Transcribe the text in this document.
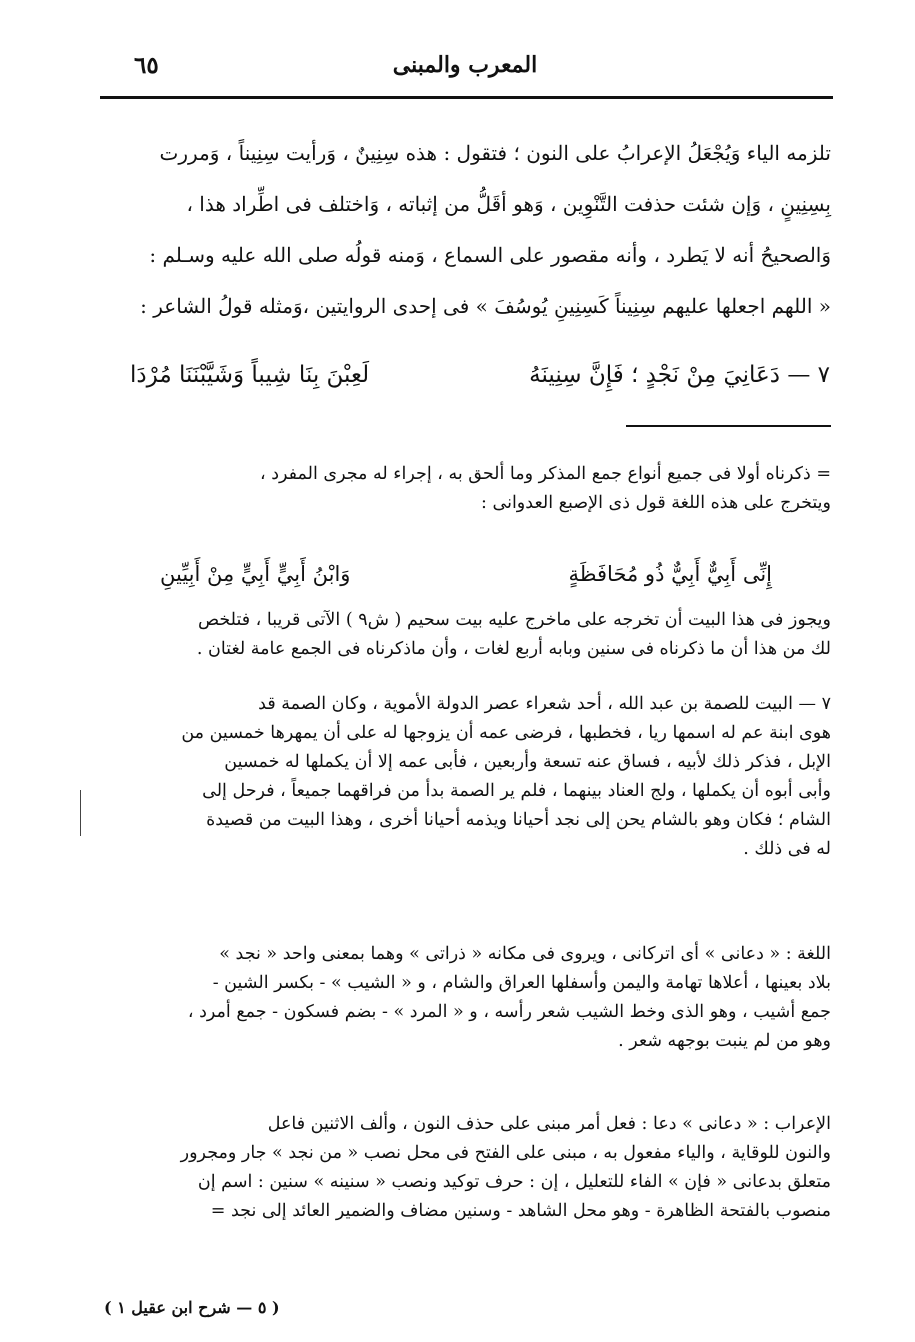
المعرب والمبنى
٦٥

تلزمه الياء وَيُجْعَلُ الإعرابُ على النون ؛ فتقول : هذه سِنِينٌ ، وَرأيت سِنِيناً ، وَمررت

بِسِنِينٍ ، وَإن شئت حذفت التَّنْوِين ، وَهو أقَلُّ من إثباته ، وَاختلف فى اطِّراد هذا ،

وَالصحيحُ أنه لا يَطرد ، وأنه مقصور على السماع ، وَمنه قولُه صلى الله عليه وسـلم :

« اللهم اجعلها عليهم سِنِيناً كَسِنِينِ يُوسُفَ » فى إحدى الروايتين ،وَمثله قولُ الشاعر :

٧ — دَعَانِيَ مِنْ نَجْدٍ ؛ فَإِنَّ سِنِينَهُ
لَعِبْنَ بِنَا شِيباً وَشَيَّبْنَنَا مُرْدَا

= ذكرناه أولا فى جميع أنواع جمع المذكر وما ألحق به ، إجراء له مجرى المفرد ،

ويتخرج على هذه اللغة قول ذى الإصبع العدوانى :

إِنِّى أَبِيٌّ أَبِيٌّ ذُو مُحَافَظَةٍ
وَابْنُ أَبِيٍّ أَبِيٍّ مِنْ أَبِيِّينِ

ويجوز فى هذا البيت أن تخرجه على ماخرج عليه بيت سحيم ( ش٩ ) الآتى قريبا ، فتلخص

لك من هذا أن ما ذكرناه فى سنين وبابه أربع لغات ، وأن ماذكرناه فى الجمع عامة لغتان .

٧ — البيت للصمة بن عبد الله ، أحد شعراء عصر الدولة الأموية ، وكان الصمة قد

هوى ابنة عم له اسمها ريا ، فخطبها ، فرضى عمه أن يزوجها له على أن يمهرها خمسين من

الإبل ، فذكر ذلك لأبيه ، فساق عنه تسعة وأربعين ، فأبى عمه إلا أن يكملها له خمسين

وأبى أبوه أن يكملها ، ولج العناد بينهما ، فلم ير الصمة بدأ من فراقهما جميعاً ، فرحل إلى

الشام ؛ فكان وهو بالشام يحن إلى نجد أحيانا ويذمه أحيانا أخرى ، وهذا البيت من قصيدة

له فى ذلك .

اللغة : « دعانى » أى اتركانى ، ويروى فى مكانه « ذراتى » وهما بمعنى واحد « نجد »

بلاد بعينها ، أعلاها تهامة واليمن وأسفلها العراق والشام ، و « الشيب » - بكسر الشين -

جمع أشيب ، وهو الذى وخط الشيب شعر رأسه ، و « المرد » - بضم فسكون - جمع أمرد ،

وهو من لم ينبت بوجهه شعر .

الإعراب : « دعانى » دعا : فعل أمر مبنى على حذف النون ، وألف الاثنين فاعل

والنون للوقاية ، والياء مفعول به ، مبنى على الفتح فى محل نصب « من نجد » جار ومجرور

متعلق بدعانى « فإن » الفاء للتعليل ، إن : حرف توكيد ونصب « سنينه » سنين : اسم إن

منصوب بالفتحة الظاهرة - وهو محل الشاهد - وسنين مضاف والضمير العائد إلى نجد =

( ٥ — شرح ابن عقيل ١ )
